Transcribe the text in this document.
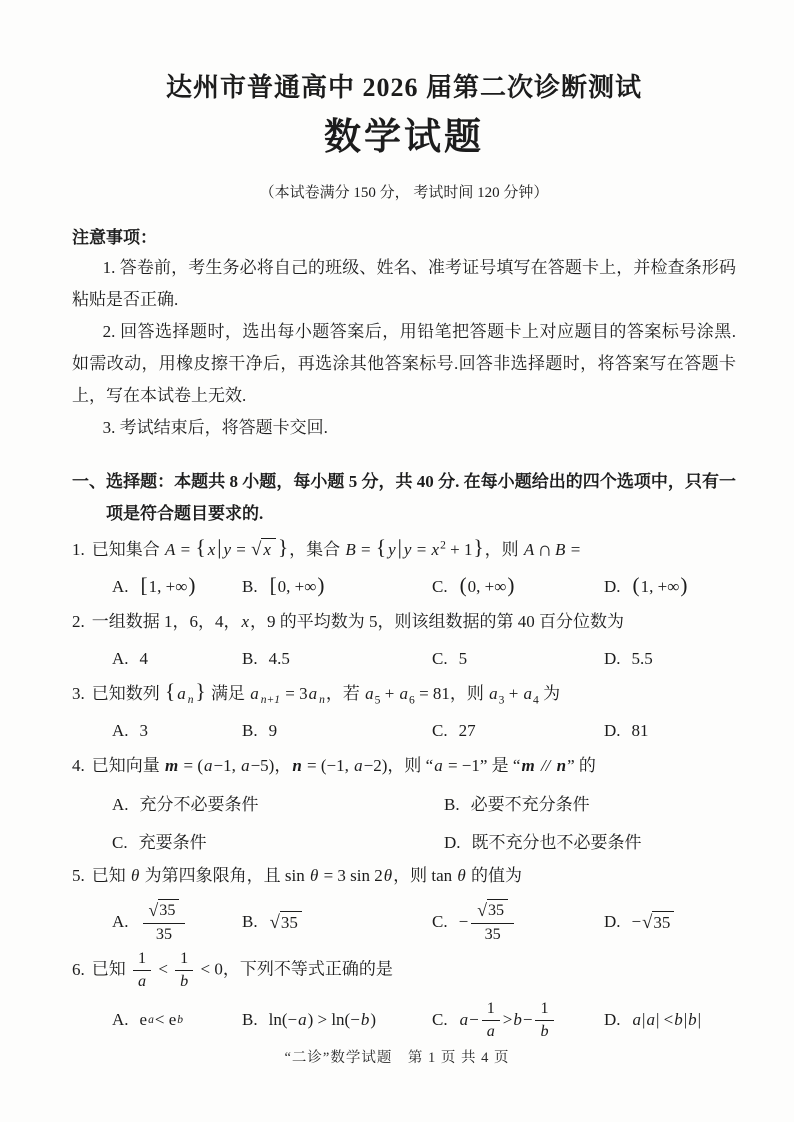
达州市普通高中 2026 届第二次诊断测试
数学试题
（本试卷满分 150 分， 考试时间 120 分钟）
注意事项：

1. 答卷前，考生务必将自己的班级、姓名、准考证号填写在答题卡上，并检查条形码粘贴是否正确.

2. 回答选择题时，选出每小题答案后，用铅笔把答题卡上对应题目的答案标号涂黑. 如需改动，用橡皮擦干净后，再选涂其他答案标号.回答非选择题时，将答案写在答题卡上，写在本试卷上无效.

3. 考试结束后，将答题卡交回.

一、选择题：本题共 8 小题，每小题 5 分，共 40 分. 在每小题给出的四个选项中，只有一项是符合题目要求的.
1. 已知集合 A = { x| y = √ x }，集合 B = { y| $y = x^2 + 1$}，则 A ∩ B =
A. [ 1, +∞ )	B. [ 0, +∞ )	C. ( 0, +∞ )	D. ( 1, +∞ )
2. 一组数据 1，6，4，x，9 的平均数为 5，则该组数据的第 40 百分位数为
A. 4	B. 4.5	C. 5	D. 5.5
3. 已知数列 { a $_n$} 满足 a $_{n+1}$ = 3a $_n$，若 $a_5 + a_6 = 81$，则 $a_3 + a_4$ 为
A. 3	B. 9	C. 27	D. 81
4. 已知向量 m = (a−1, a−5)，n = (−1, a−2)，则 “a = −1” 是 “m // n” 的
A. 充分不必要条件	B. 必要不充分条件
C. 充要条件	D. 既不充分也不必要条件
5. 已知 θ 为第四象限角，且 sin θ = 3 sin 2θ，则 tan θ 的值为
A. $\frac{√ 35}{35}$	B. √ 35	C. − $\frac{√ 35}{35}$	D. − √ 35
6. 已知 $\frac{1}{a} < \frac{1}{b} < 0$，下列不等式正确的是
A. e a < e b	B. ln(− a ) > ln(− b )	C. $a - \frac{1}{a} > b - \frac{1}{b}$	D. a | a | < b | b |
“二诊”数学试题　第 1 页 共 4 页
